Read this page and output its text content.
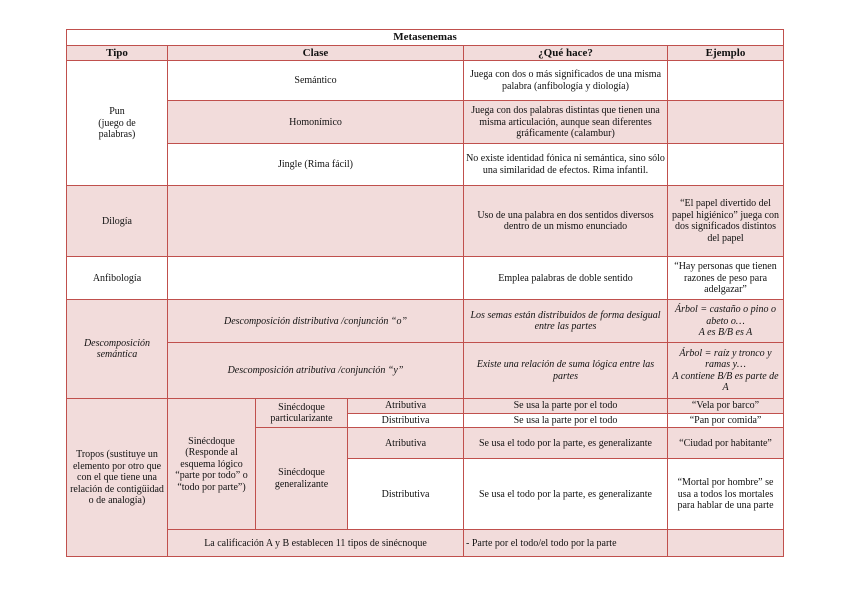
Metasenemas					
Tipo	Clase			¿Qué hace?	Ejemplo
Pun
(juego de
palabras)	Semántico			Juega con dos o más significados de una misma palabra (anfibología y diología)	
	Homonímico			Juega con dos palabras distintas que tienen una misma articulación, aunque sean diferentes gráficamente (calambur)	
	Jingle (Rima fácil)			No existe identidad fónica ni semántica, sino sólo una similaridad de efectos. Rima infantil.	
Dilogía				Uso de una palabra en dos sentidos diversos dentro de un mismo enunciado	“El papel divertido del papel higiénico” juega con dos significados distintos del papel
Anfibología				Emplea palabras de doble sentido	“Hay personas que tienen razones de peso para adelgazar”
Descomposición
semántica	Descomposición distributiva /conjunción “o”			Los semas están distribuidos de forma desigual entre las partes	Árbol = castaño o pino o abeto o…
A es B/B es A
	Descomposición atributiva /conjunción “y”			Existe una relación de suma lógica entre las partes	Árbol = raíz y tronco y ramas y…
A contiene B/B es parte de A
Tropos (sustituye un elemento por otro que con el que tiene una relación de contigüidad o de analogía)	Sinécdoque (Responde al esquema lógico “parte por todo” o “todo por parte”)	Sinécdoque particularizante	Atributiva	Se usa la parte por el todo	“Vela por barco”
			Distributiva	Se usa la parte por el todo	“Pan por comida”
		Sinécdoque generalizante	Atributiva	Se usa el todo por la parte, es generalizante	“Ciudad por habitante”
			Distributiva	Se usa el todo por la parte, es generalizante	“Mortal por hombre” se usa a todos los mortales para hablar de una parte
	La calificación A y B establecen 11 tipos de sinécnoque			- Parte por el todo/el todo por la parte	
